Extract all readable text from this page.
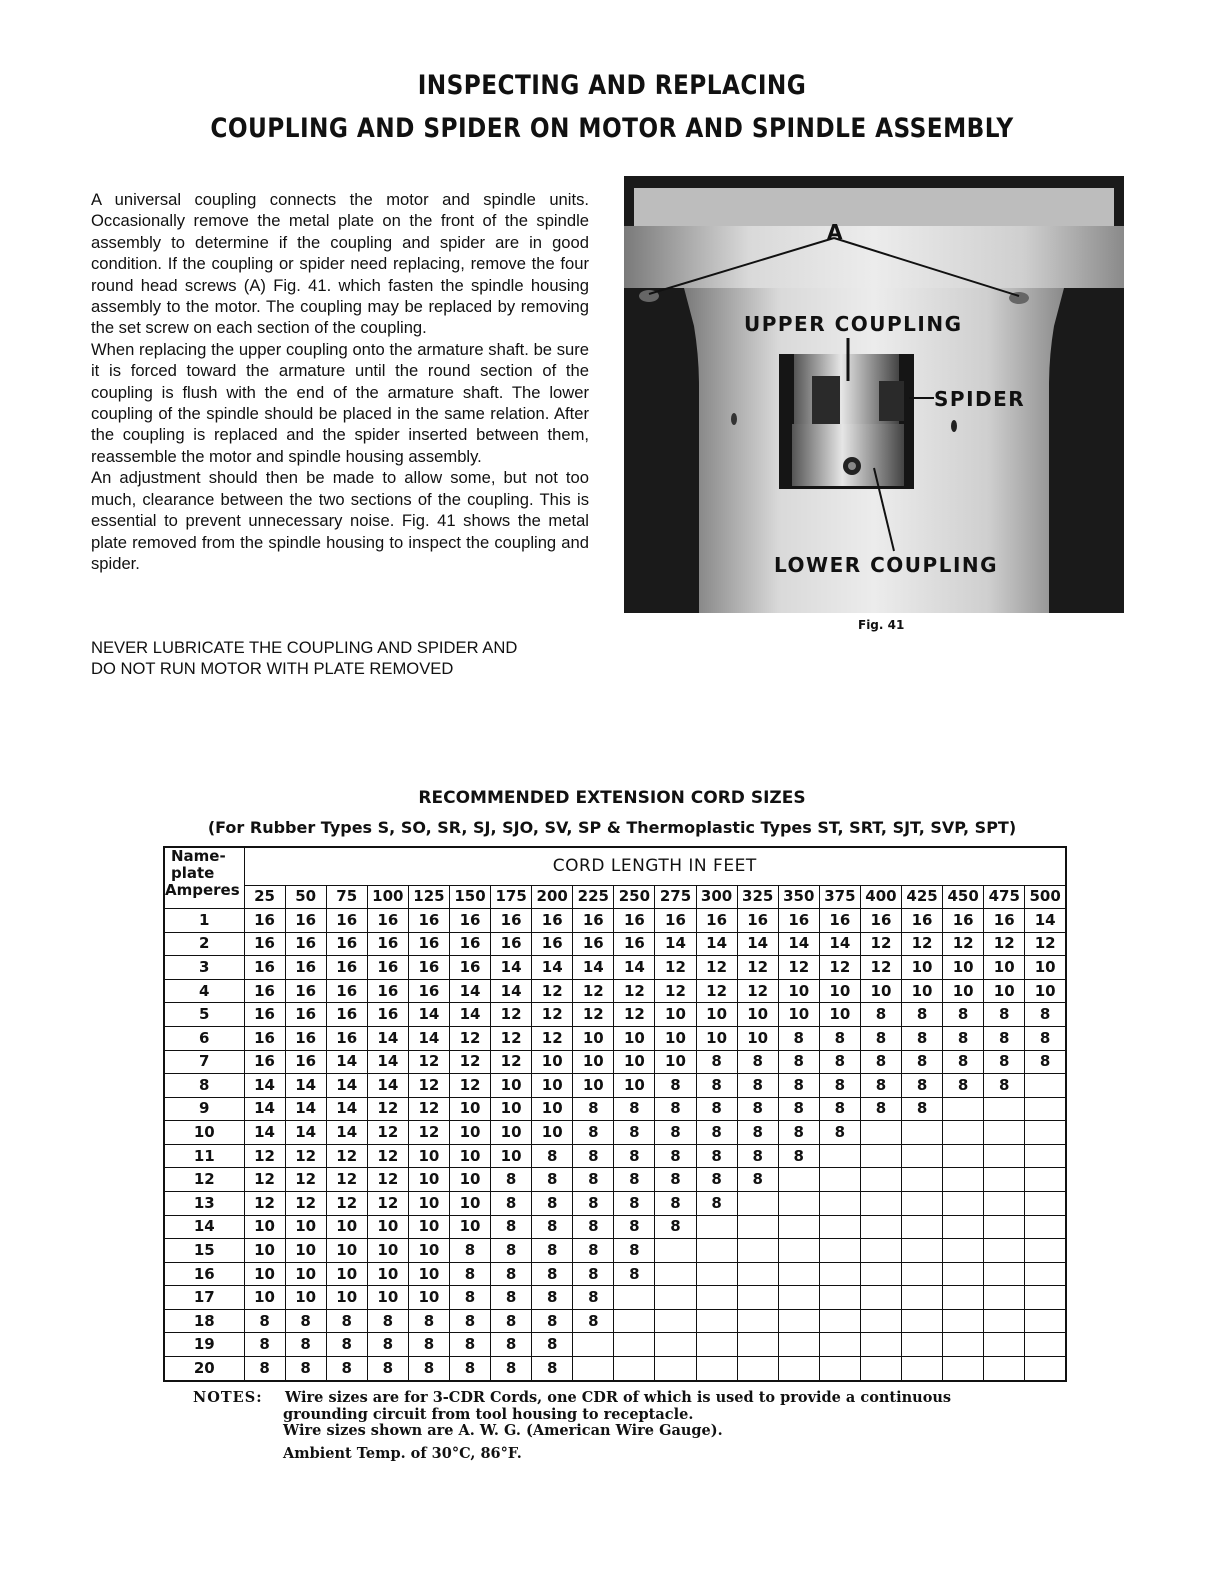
INSPECTING AND REPLACING
COUPLING AND SPIDER ON MOTOR AND SPINDLE ASSEMBLY

A universal coupling connects the motor and spindle units. Occasionally remove the metal plate on the front of the spindle assembly to determine if the coupling and spider are in good condition. If the coupling or spider need replacing, remove the four round head screws (A) Fig. 41. which fasten the spindle housing assembly to the motor. The coupling may be replaced by removing the set screw on each section of the coupling.

When replacing the upper coupling onto the armature shaft. be sure it is forced toward the armature until the round section of the coupling is flush with the end of the armature shaft. The lower coupling of the spindle should be placed in the same relation. After the coupling is replaced and the spider inserted between them, reassemble the motor and spindle housing assembly.

An adjustment should then be made to allow some, but not too much, clearance between the two sections of the coupling. This is essential to prevent unnecessary noise. Fig. 41 shows the metal plate removed from the spindle housing to inspect the coupling and spider.

NEVER LUBRICATE THE COUPLING AND SPIDER AND

DO NOT RUN MOTOR WITH PLATE REMOVED

A
UPPER COUPLING
SPIDER
LOWER COUPLING
Fig. 41
RECOMMENDED EXTENSION CORD SIZES
(For Rubber Types S, SO, SR, SJ, SJO, SV, SP & Thermoplastic Types ST, SRT, SJT, SVP, SPT)
Name-
plate
Amperes	CORD LENGTH IN FEET																			
	25	50	75	100	125	150	175	200	225	250	275	300	325	350	375	400	425	450	475	500
1	16	16	16	16	16	16	16	16	16	16	16	16	16	16	16	16	16	16	16	14
2	16	16	16	16	16	16	16	16	16	16	14	14	14	14	14	12	12	12	12	12
3	16	16	16	16	16	16	14	14	14	14	12	12	12	12	12	12	10	10	10	10
4	16	16	16	16	16	14	14	12	12	12	12	12	12	10	10	10	10	10	10	10
5	16	16	16	16	14	14	12	12	12	12	10	10	10	10	10	8	8	8	8	8
6	16	16	16	14	14	12	12	12	10	10	10	10	10	8	8	8	8	8	8	8
7	16	16	14	14	12	12	12	10	10	10	10	8	8	8	8	8	8	8	8	8
8	14	14	14	14	12	12	10	10	10	10	8	8	8	8	8	8	8	8	8	
9	14	14	14	12	12	10	10	10	8	8	8	8	8	8	8	8	8			
10	14	14	14	12	12	10	10	10	8	8	8	8	8	8	8					
11	12	12	12	12	10	10	10	8	8	8	8	8	8	8						
12	12	12	12	12	10	10	8	8	8	8	8	8	8							
13	12	12	12	12	10	10	8	8	8	8	8	8								
14	10	10	10	10	10	10	8	8	8	8	8									
15	10	10	10	10	10	8	8	8	8	8										
16	10	10	10	10	10	8	8	8	8	8										
17	10	10	10	10	10	8	8	8	8											
18	8	8	8	8	8	8	8	8	8											
19	8	8	8	8	8	8	8	8												
20	8	8	8	8	8	8	8	8												
NOTES: Wire sizes are for 3-CDR Cords, one CDR of which is used to provide a continuous
grounding circuit from tool housing to receptacle.
Wire sizes shown are A. W. G. (American Wire Gauge).
Ambient Temp. of 30°C, 86°F.
